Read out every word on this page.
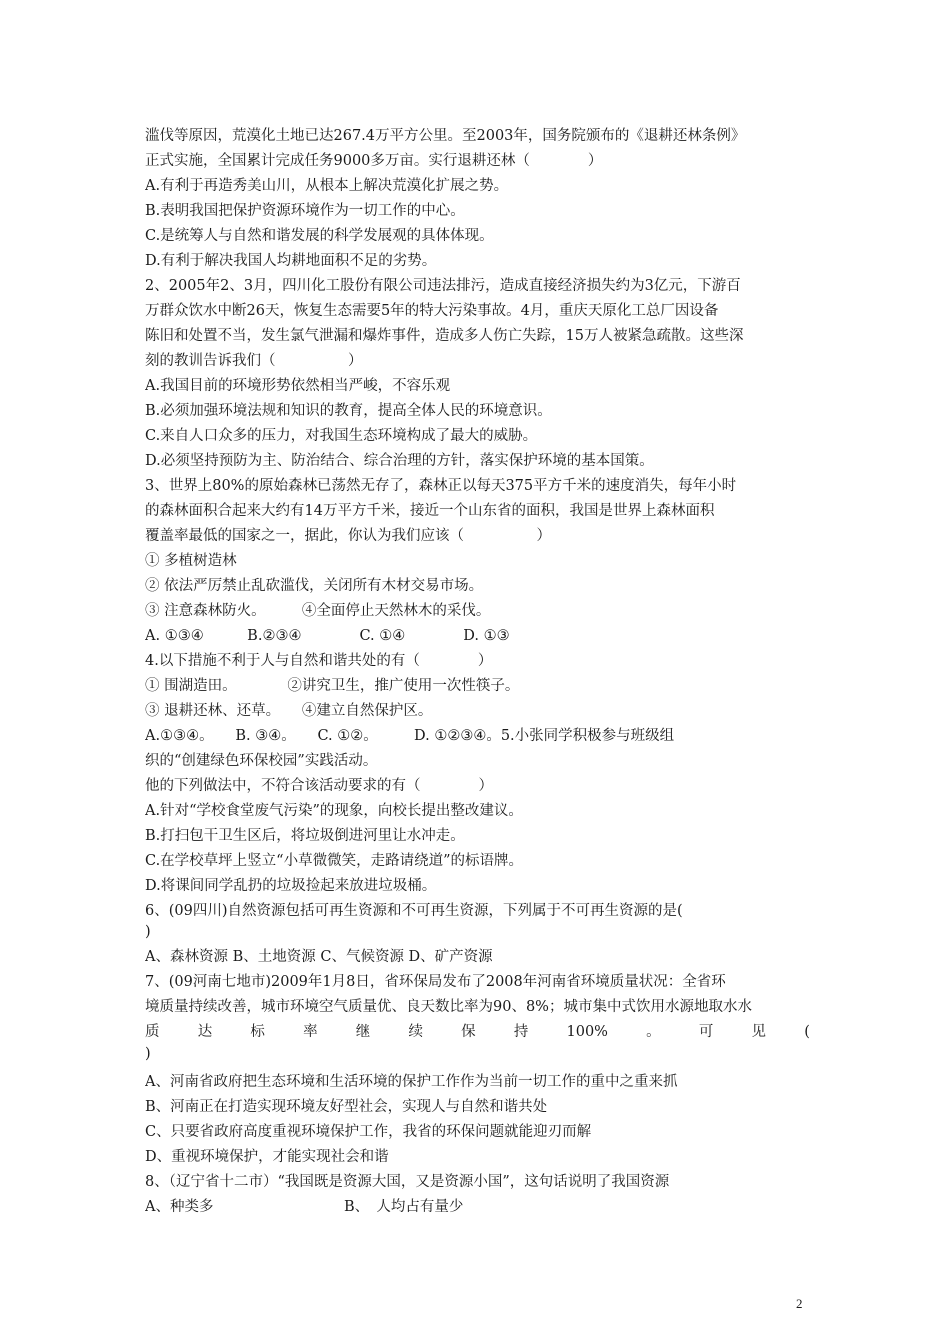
滥伐等原因，荒漠化土地已达267.4万平方公里。至2003年，国务院颁布的《退耕还林条例》
正式实施，全国累计完成任务9000多万亩。实行退耕还林（　　　　）
A.有利于再造秀美山川，从根本上解决荒漠化扩展之势。
B.表明我国把保护资源环境作为一切工作的中心。
C.是统筹人与自然和谐发展的科学发展观的具体体现。
D.有利于解决我国人均耕地面积不足的劣势。
2、2005年2、3月，四川化工股份有限公司违法排污，造成直接经济损失约为3亿元，下游百
万群众饮水中断26天，恢复生态需要5年的特大污染事故。4月，重庆天原化工总厂因设备
陈旧和处置不当，发生氯气泄漏和爆炸事件，造成多人伤亡失踪，15万人被紧急疏散。这些深
刻的教训告诉我们（　　　　　）
A.我国目前的环境形势依然相当严峻，不容乐观
B.必须加强环境法规和知识的教育，提高全体人民的环境意识。
C.来自人口众多的压力，对我国生态环境构成了最大的威胁。
D.必须坚持预防为主、防治结合、综合治理的方针，落实保护环境的基本国策。
3、世界上80%的原始森林已荡然无存了，森林正以每天375平方千米的速度消失，每年小时
的森林面积合起来大约有14万平方千米，接近一个山东省的面积，我国是世界上森林面积
覆盖率最低的国家之一，据此，你认为我们应该（　　　　　）
① 多植树造林
② 依法严厉禁止乱砍滥伐，关闭所有木材交易市场。
③ 注意森林防火。　　　④全面停止天然林木的采伐。
A. ①③④　　　B.②③④　　　　C. ①④　　　　D. ①③
4.以下措施不利于人与自然和谐共处的有（　　　　）
① 围湖造田。　　　　②讲究卫生，推广使用一次性筷子。
③ 退耕还林、还草。　　④建立自然保护区。
A.①③④。　　B. ③④。　　C. ①②。　　　D. ①②③④。5.小张同学积极参与班级组
织的“创建绿色环保校园”实践活动。
他的下列做法中，不符合该活动要求的有（　　　　）
A.针对“学校食堂废气污染”的现象，向校长提出整改建议。
B.打扫包干卫生区后，将垃圾倒进河里让水冲走。
C.在学校草坪上竖立“小草微微笑，走路请绕道”的标语牌。
D.将课间同学乱扔的垃圾捡起来放进垃圾桶。
6、(09四川)自然资源包括可再生资源和不可再生资源，下列属于不可再生资源的是(
)
A、森林资源 B、土地资源 C、气候资源 D、矿产资源
7、(09河南七地市)2009年1月8日，省环保局发布了2008年河南省环境质量状况：全省环
境质量持续改善，城市环境空气质量优、良天数比率为90、8%；城市集中式饮用水源地取水水
质	达	标	率	继	续	保	持	100%	。	可	见	(
)
A、河南省政府把生态环境和生活环境的保护工作作为当前一切工作的重中之重来抓
B、河南正在打造实现环境友好型社会，实现人与自然和谐共处
C、只要省政府高度重视环境保护工作，我省的环保问题就能迎刃而解
D、重视环境保护，才能实现社会和谐
8、（辽宁省十二市）“我国既是资源大国，又是资源小国”，这句话说明了我国资源
A、种类多　　　　　　　　　B、　人均占有量少
2
